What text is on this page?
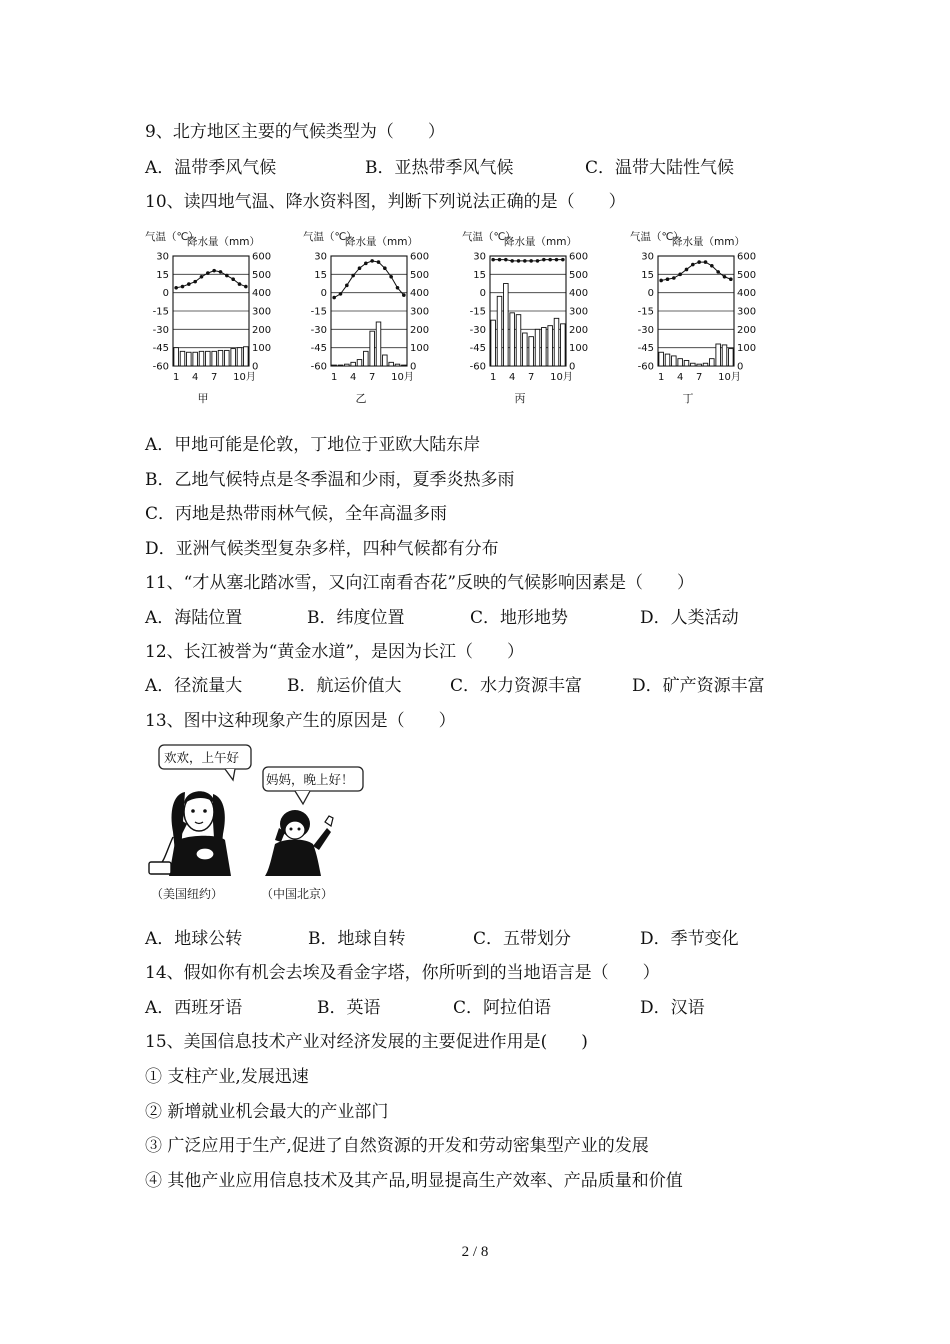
9、北方地区主要的气候类型为（　　）

A．温带季风气候

	B．亚热带季风气候

	C．温带大陆性气候

10、读四地气温、降水资料图，判断下列说法正确的是（　　）
气温（℃）
降水量（mm）
30
15
0
-15
-30
-45
-60
600
500
400
300
200
100
0
1 4 7 10月
甲
气温（℃）
降水量（mm）
30
15
0
-15
-30
-45
-60
600
500
400
300
200
100
0
1 4 7 10月
乙
气温（℃）
降水量（mm）
30
15
0
-15
-30
-45
-60
600
500
400
300
200
100
0
1 4 7 10月
丙
气温（℃）
降水量（mm）
30
15
0
-15
-30
-45
-60
600
500
400
300
200
100
0
1 4 7 10月
丁
A．甲地可能是伦敦，丁地位于亚欧大陆东岸
B．乙地气候特点是冬季温和少雨，夏季炎热多雨
C．丙地是热带雨林气候，全年高温多雨
D．亚洲气候类型复杂多样，四种气候都有分布
11、“才从塞北踏冰雪，又向江南看杏花”反映的气候影响因素是（　　）

A．海陆位置

	B．纬度位置

	C．地形地势

	D．人类活动

12、长江被誉为“黄金水道”，是因为长江（　　）

A．径流量大

	B．航运价值大

	C．水力资源丰富

	D．矿产资源丰富

13、图中这种现象产生的原因是（　　）
欢欢，上午好
妈妈，晚上好！
（美国纽约）	（中国北京）

A．地球公转

	B．地球自转

	C．五带划分

	D．季节变化

14、假如你有机会去埃及看金字塔，你所听到的当地语言是（　　）

A．西班牙语

	B．英语

	C．阿拉伯语

	D．汉语

15、美国信息技术产业对经济发展的主要促进作用是(　　)
① 支柱产业,发展迅速
② 新增就业机会最大的产业部门
③ 广泛应用于生产,促进了自然资源的开发和劳动密集型产业的发展
④ 其他产业应用信息技术及其产品,明显提高生产效率、产品质量和价值
2 / 8
